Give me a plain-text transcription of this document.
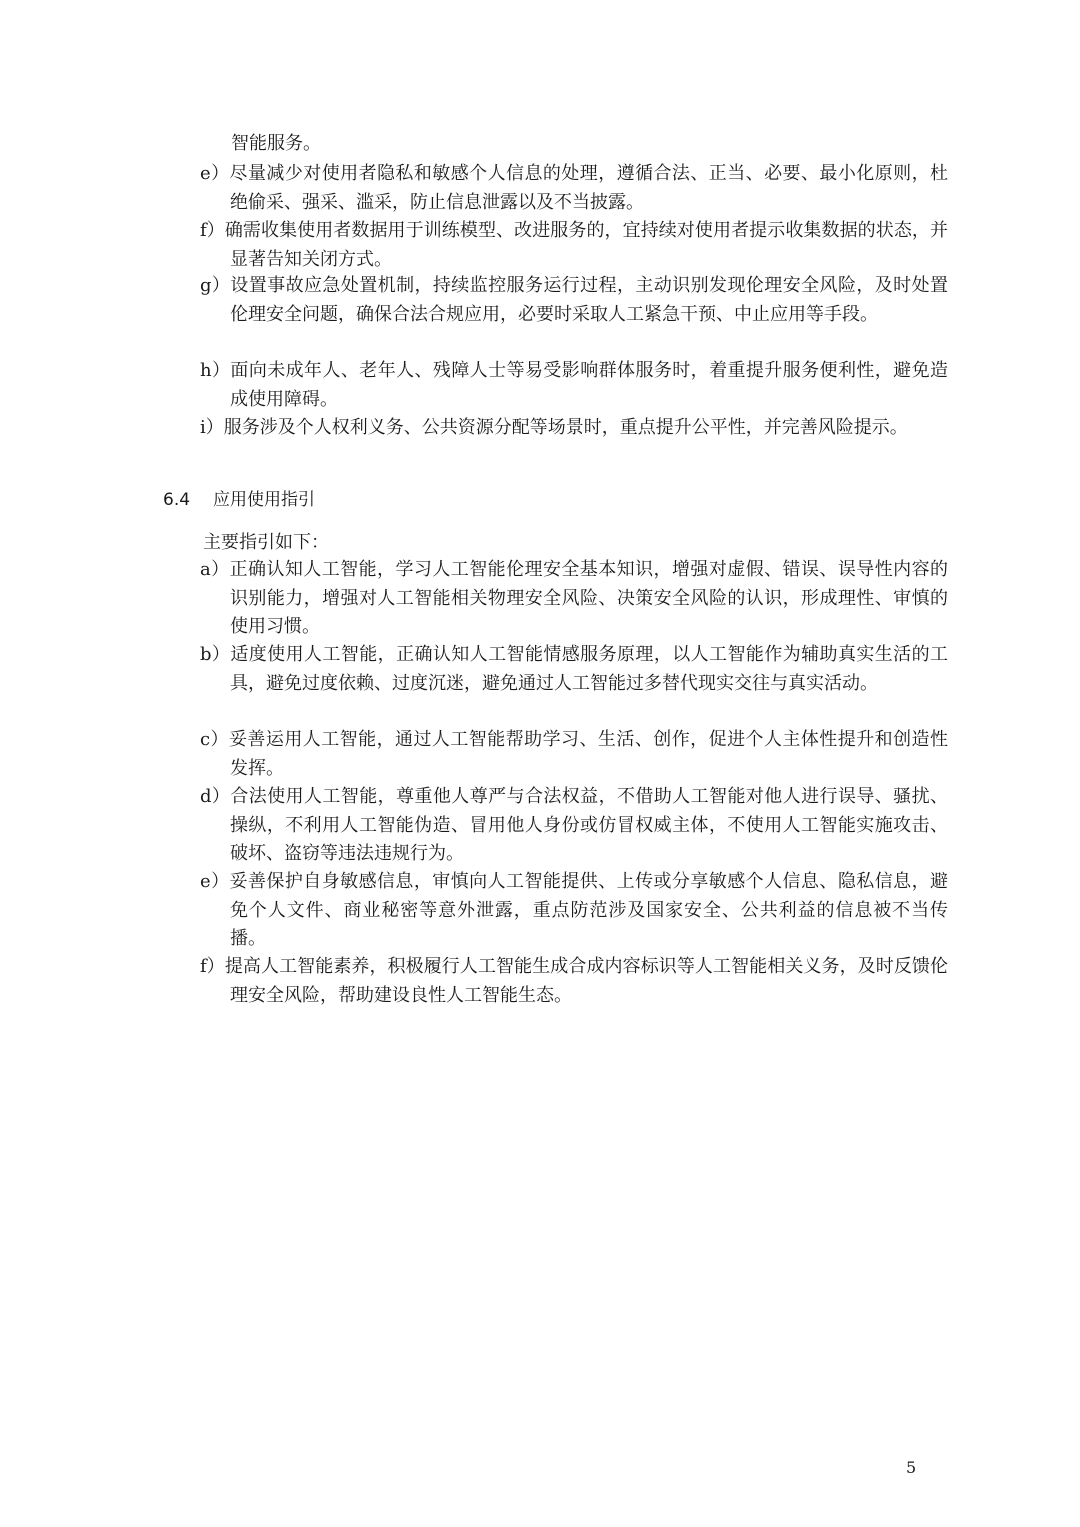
智能服务。
e）尽量减少对使用者隐私和敏感个人信息的处理，遵循合法、正当、必要、最小化原则，杜绝偷采、强采、滥采，防止信息泄露以及不当披露。
f）确需收集使用者数据用于训练模型、改进服务的，宜持续对使用者提示收集数据的状态，并显著告知关闭方式。
g）设置事故应急处置机制，持续监控服务运行过程，主动识别发现伦理安全风险，及时处置伦理安全问题，确保合法合规应用，必要时采取人工紧急干预、中止应用等手段。
h）面向未成年人、老年人、残障人士等易受影响群体服务时，着重提升服务便利性，避免造成使用障碍。
i）服务涉及个人权利义务、公共资源分配等场景时，重点提升公平性，并完善风险提示。
6.4 应用使用指引
主要指引如下：
a）正确认知人工智能，学习人工智能伦理安全基本知识，增强对虚假、错误、误导性内容的识别能力，增强对人工智能相关物理安全风险、决策安全风险的认识，形成理性、审慎的使用习惯。
b）适度使用人工智能，正确认知人工智能情感服务原理，以人工智能作为辅助真实生活的工具，避免过度依赖、过度沉迷，避免通过人工智能过多替代现实交往与真实活动。
c）妥善运用人工智能，通过人工智能帮助学习、生活、创作，促进个人主体性提升和创造性发挥。
d）合法使用人工智能，尊重他人尊严与合法权益，不借助人工智能对他人进行误导、骚扰、操纵，不利用人工智能伪造、冒用他人身份或仿冒权威主体，不使用人工智能实施攻击、破坏、盗窃等违法违规行为。
e）妥善保护自身敏感信息，审慎向人工智能提供、上传或分享敏感个人信息、隐私信息，避免个人文件、商业秘密等意外泄露，重点防范涉及国家安全、公共利益的信息被不当传播。
f）提高人工智能素养，积极履行人工智能生成合成内容标识等人工智能相关义务，及时反馈伦理安全风险，帮助建设良性人工智能生态。
5
